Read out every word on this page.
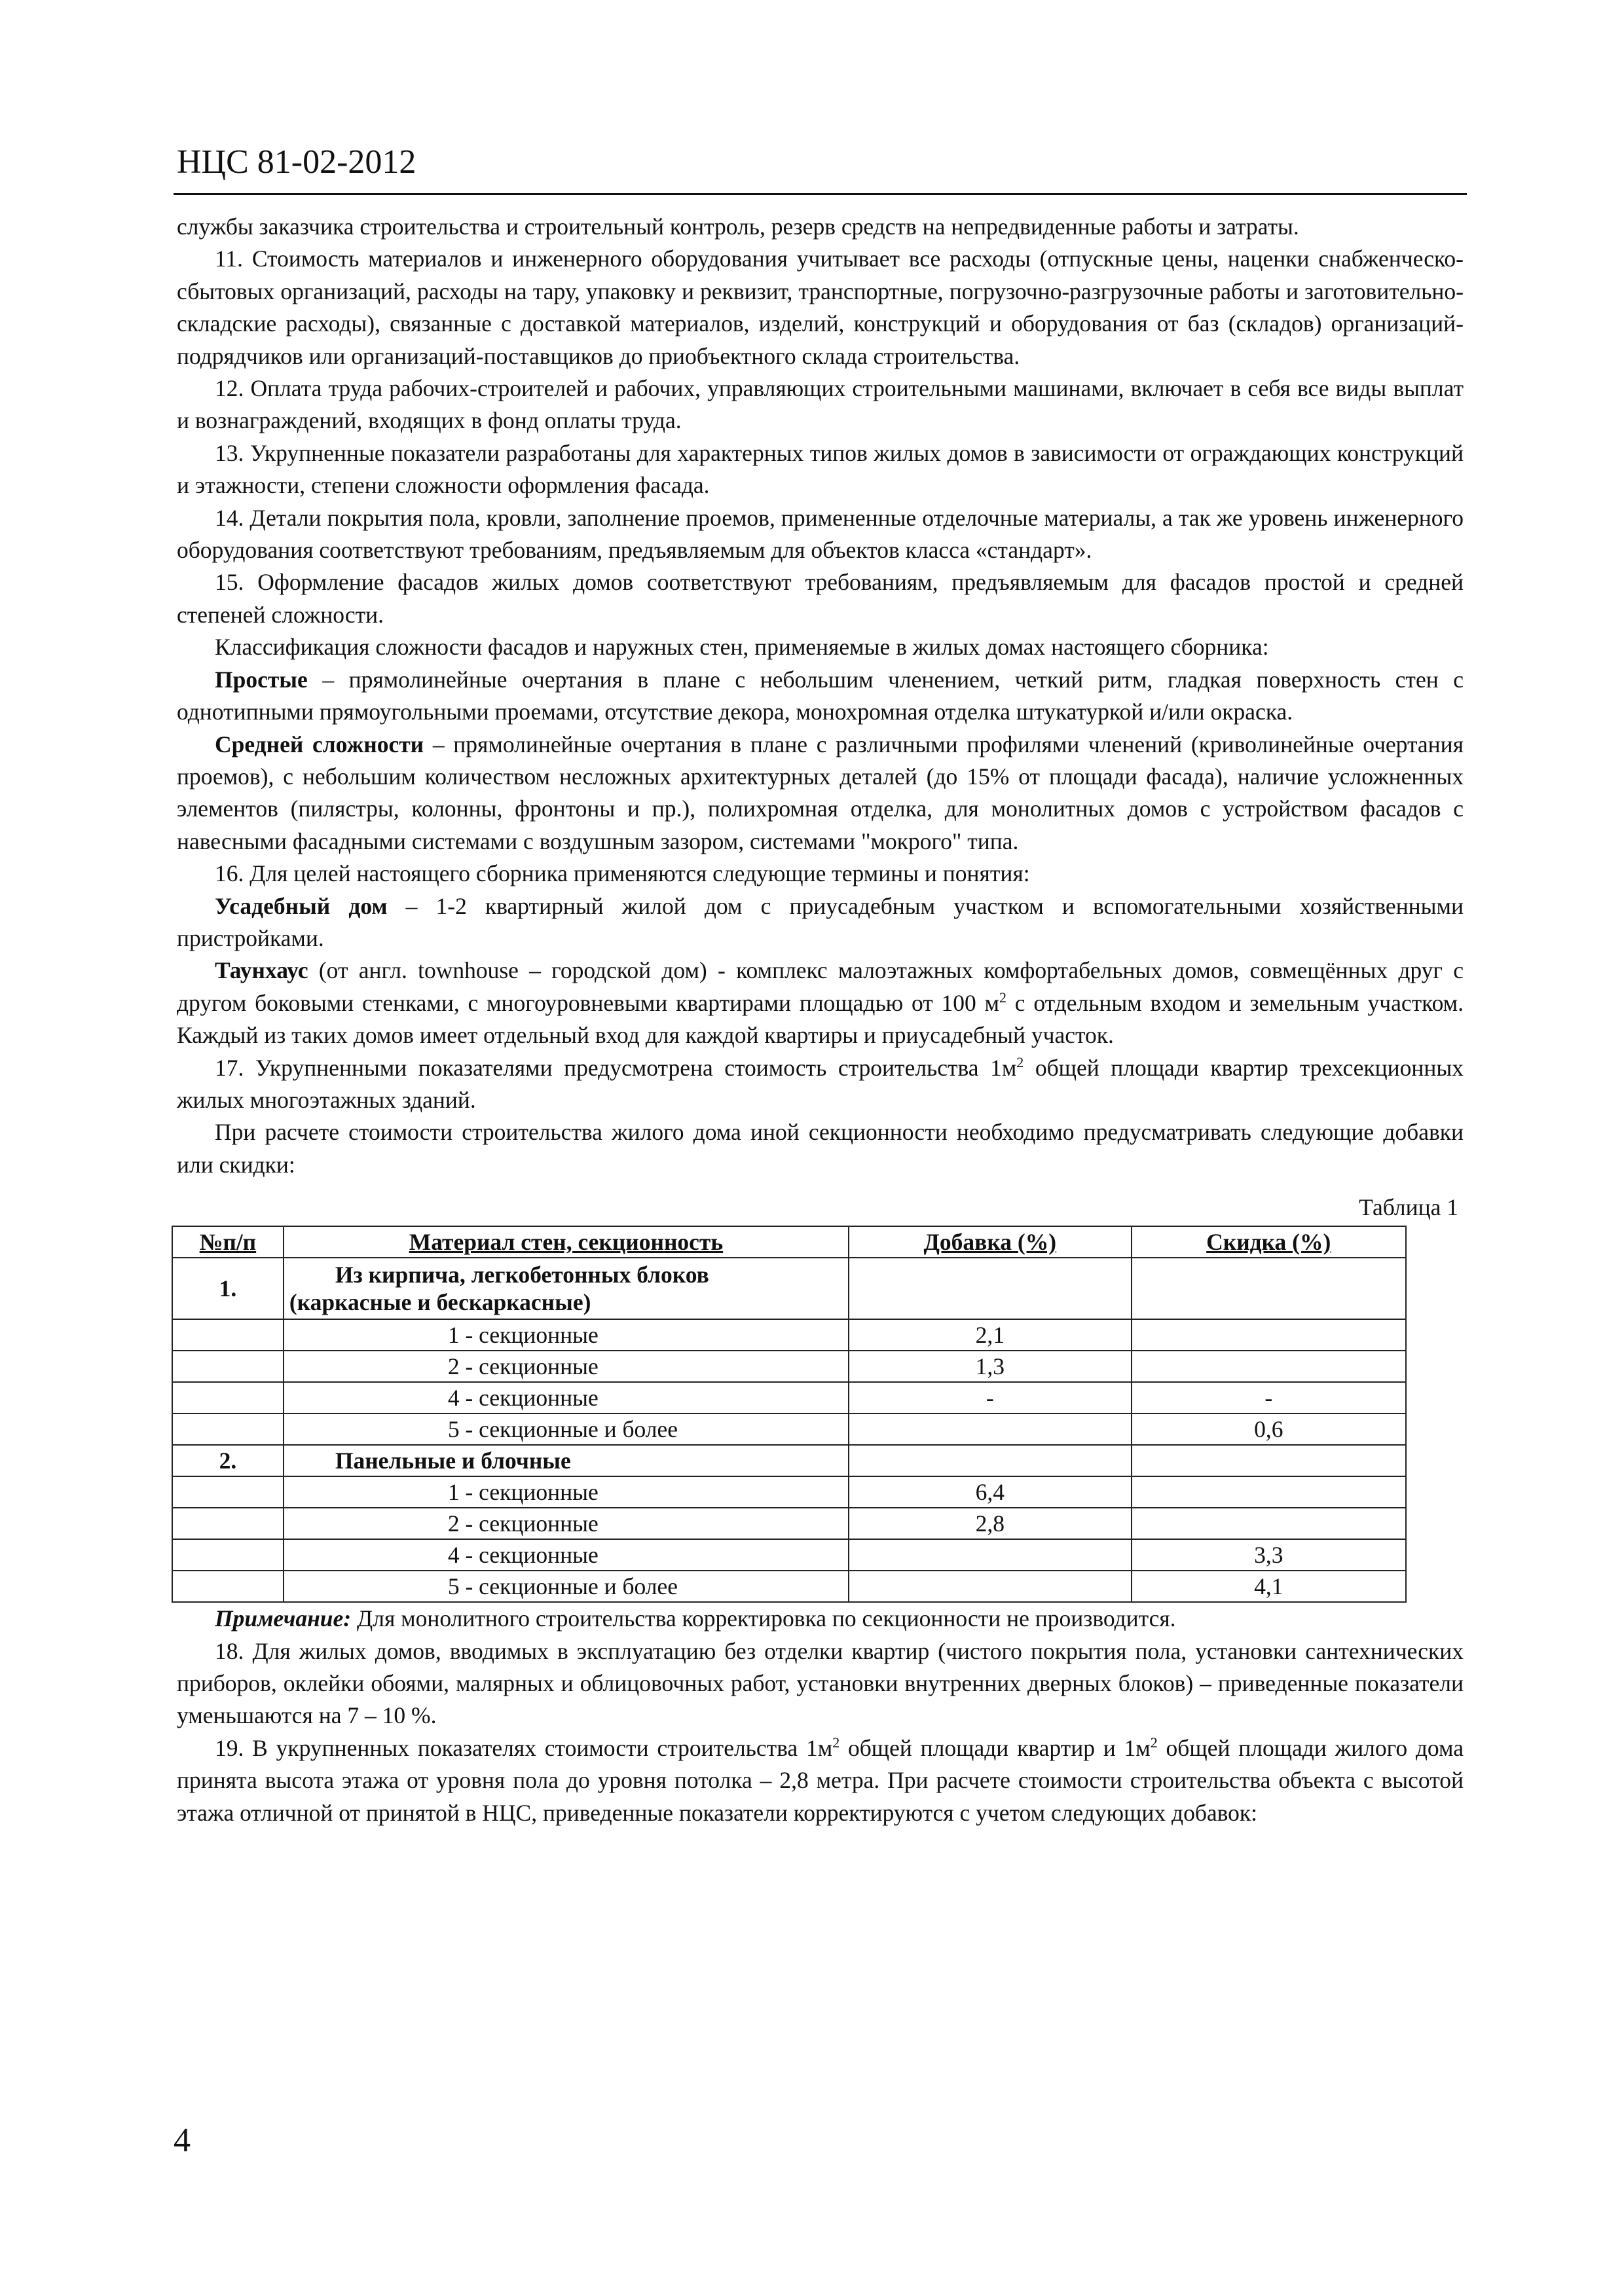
НЦС 81-02-2012

службы заказчика строительства и строительный контроль, резерв средств на непредвиденные работы и затраты.

11. Стоимость материалов и инженерного оборудования учитывает все расходы (отпускные цены, наценки снабженческо-сбытовых организаций, расходы на тару, упаковку и реквизит, транспортные, погрузочно-разгрузочные работы и заготовительно-складские расходы), связанные с доставкой материалов, изделий, конструкций и оборудования от баз (складов) организаций-подрядчиков или организаций-поставщиков до приобъектного склада строительства.

12. Оплата труда рабочих-строителей и рабочих, управляющих строительными машинами, включает в себя все виды выплат и вознаграждений, входящих в фонд оплаты труда.

13. Укрупненные показатели разработаны для характерных типов жилых домов в зависимости от ограждающих конструкций и этажности, степени сложности оформления фасада.

14. Детали покрытия пола, кровли, заполнение проемов, примененные отделочные материалы, а так же уровень инженерного оборудования соответствуют требованиям, предъявляемым для объектов класса «стандарт».

15. Оформление фасадов жилых домов соответствуют требованиям, предъявляемым для фасадов простой и средней степеней сложности.

Классификация сложности фасадов и наружных стен, применяемые в жилых домах настоящего сборника:

Простые – прямолинейные очертания в плане с небольшим членением, четкий ритм, гладкая поверхность стен с однотипными прямоугольными проемами, отсутствие декора, монохромная отделка штукатуркой и/или окраска.

Средней сложности – прямолинейные очертания в плане с различными профилями членений (криволинейные очертания проемов), с небольшим количеством несложных архитектурных деталей (до 15% от площади фасада), наличие усложненных элементов (пилястры, колонны, фронтоны и пр.), полихромная отделка, для монолитных домов с устройством фасадов с навесными фасадными системами с воздушным зазором, системами "мокрого" типа.

16. Для целей настоящего сборника применяются следующие термины и понятия:

Усадебный дом – 1-2 квартирный жилой дом с приусадебным участком и вспомогательными хозяйственными пристройками.

Таунхаус (от англ. townhouse – городской дом) - комплекс малоэтажных комфортабельных домов, совмещённых друг с другом боковыми стенками, с многоуровневыми квартирами площадью от 100 $м^2$ с отдельным входом и земельным участком. Каждый из таких домов имеет отдельный вход для каждой квартиры и приусадебный участок.

17. Укрупненными показателями предусмотрена стоимость строительства $1м^2$ общей площади квартир трехсекционных жилых многоэтажных зданий.

При расчете стоимости строительства жилого дома иной секционности необходимо предусматривать следующие добавки или скидки:

Таблица 1
№п/п	Материал стен, секционность	Добавка (%)	Скидка (%)
1.	Из кирпича, легкобетонных блоков
(каркасные и бескаркасные)		

	1 - секционные	2,1	
	2 - секционные	1,3	
	4 - секционные	-	-
	5 - секционные и более		0,6
2.	Панельные и блочные		
	1 - секционные	6,4	
	2 - секционные	2,8	
	4 - секционные		3,3
	5 - секционные и более		4,1

Примечание: Для монолитного строительства корректировка по секционности не производится.

18. Для жилых домов, вводимых в эксплуатацию без отделки квартир (чистого покрытия пола, установки сантехнических приборов, оклейки обоями, малярных и облицовочных работ, установки внутренних дверных блоков) – приведенные показатели уменьшаются на 7 – 10 %.

19. В укрупненных показателях стоимости строительства $1м^2$ общей площади квартир и $1м^2$ общей площади жилого дома принята высота этажа от уровня пола до уровня потолка – 2,8 метра. При расчете стоимости строительства объекта с высотой этажа отличной от принятой в НЦС, приведенные показатели корректируются с учетом следующих добавок:

4
